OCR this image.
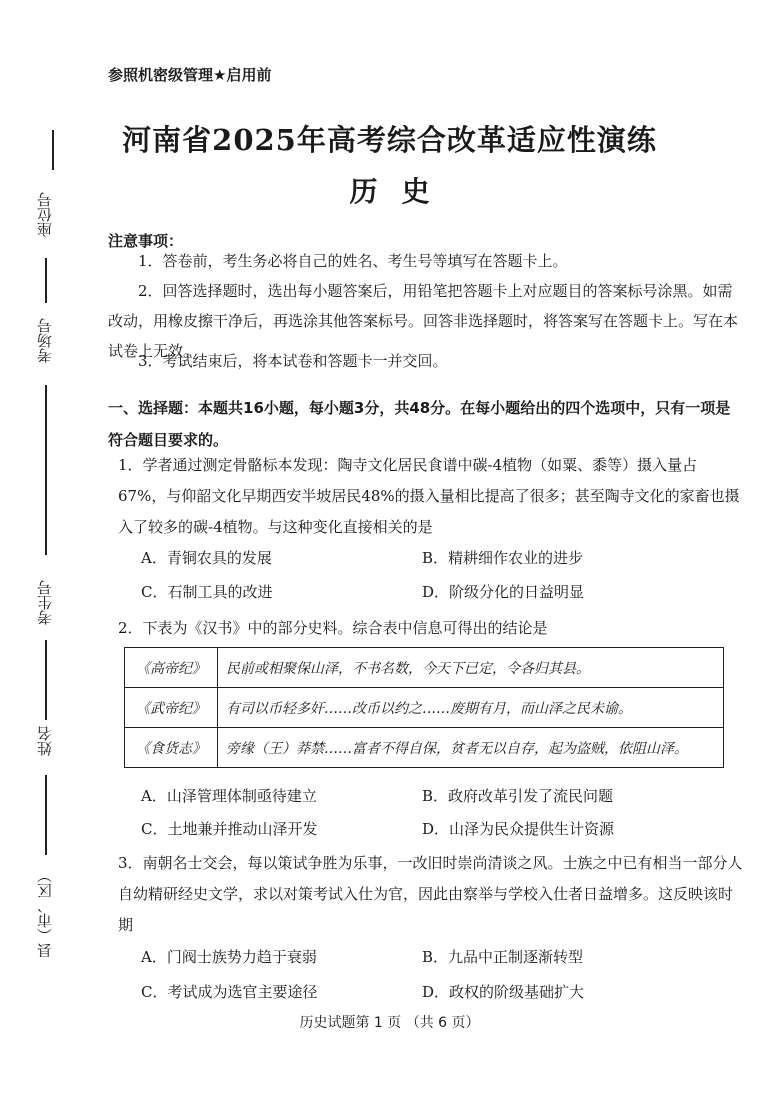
参照机密级管理★启用前
河南省2025年高考综合改革适应性演练
历史
座位号
考场号
考生号
姓名
县（市、区）
注意事项：
1．答卷前，考生务必将自己的姓名、考生号等填写在答题卡上。
2．回答选择题时，选出每小题答案后，用铅笔把答题卡上对应题目的答案标号涂黑。如需改动，用橡皮擦干净后，再选涂其他答案标号。回答非选择题时，将答案写在答题卡上。写在本试卷上无效。
3．考试结束后，将本试卷和答题卡一并交回。
一、选择题：本题共16小题，每小题3分，共48分。在每小题给出的四个选项中，只有一项是符合题目要求的。
1．学者通过测定骨骼标本发现：陶寺文化居民食谱中碳-4植物（如粟、黍等）摄入量占67%，与仰韶文化早期西安半坡居民48%的摄入量相比提高了很多；甚至陶寺文化的家畜也摄入了较多的碳-4植物。与这种变化直接相关的是
A．青铜农具的发展	B．精耕细作农业的进步
C．石制工具的改进	D．阶级分化的日益明显
2．下表为《汉书》中的部分史料。综合表中信息可得出的结论是
《高帝纪》	民前或相聚保山泽，不书名数，今天下已定，令各归其县。
《武帝纪》	有司以币轻多奸……改币以约之……废期有月，而山泽之民未谕。
《食货志》	旁缘（王）莽禁……富者不得自保，贫者无以自存，起为盗贼，依阻山泽。
A．山泽管理体制亟待建立	B．政府改革引发了流民问题
C．土地兼并推动山泽开发	D．山泽为民众提供生计资源
3．南朝名士交会，每以策试争胜为乐事，一改旧时崇尚清谈之风。士族之中已有相当一部分人自幼精研经史文学，求以对策考试入仕为官，因此由察举与学校入仕者日益增多。这反映该时期
A．门阀士族势力趋于衰弱	B．九品中正制逐渐转型
C．考试成为选官主要途径	D．政权的阶级基础扩大
历史试题第 1 页 （共 6 页）
